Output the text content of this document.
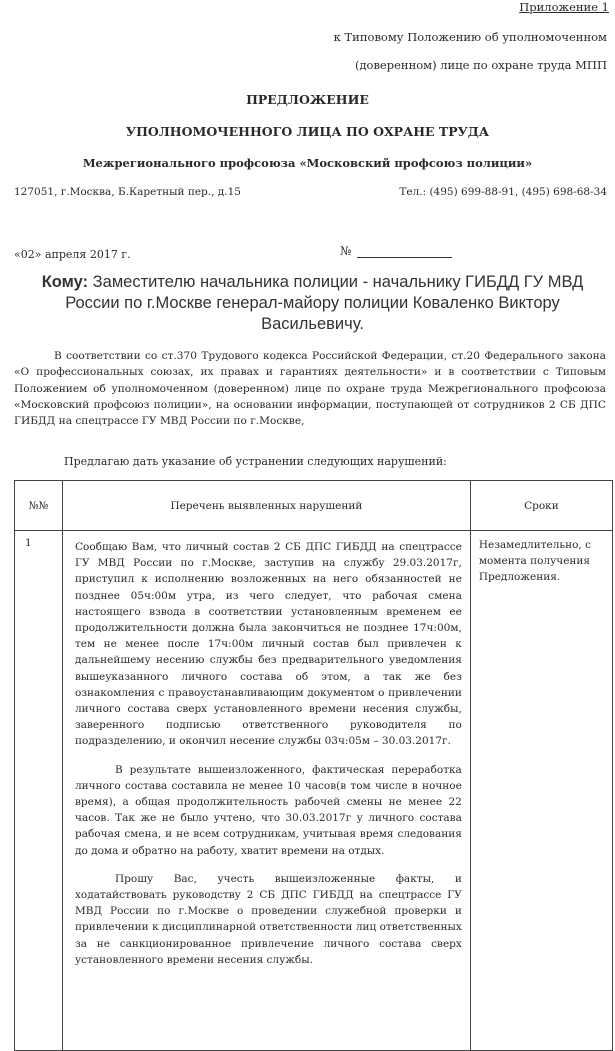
Приложение 1
к Типовому Положению об уполномоченном
(доверенном) лице по охране труда МПП
ПРЕДЛОЖЕНИЕ
УПОЛНОМОЧЕННОГО ЛИЦА ПО ОХРАНЕ ТРУДА
Межрегионального профсоюза «Московский профсоюз полиции»
127051, г.Москва, Б.Каретный пер., д.15	Тел.: (495) 699-88-91, (495) 698-68-34
«02» апреля 2017 г.	№
Кому: Заместителю начальника полиции - начальнику ГИБДД ГУ МВД России по г.Москве генерал-майору полиции Коваленко Виктору Васильевичу.
В соответствии со ст.370 Трудового кодекса Российской Федерации, ст.20 Федерального закона «О профессиональных союзах, их правах и гарантиях деятельности» и в соответствии с Типовым Положением об уполномоченном (доверенном) лице по охране труда Межрегионального профсоюза «Московский профсоюз полиции», на основании информации, поступающей от сотрудников 2 СБ ДПС ГИБДД на спецтрассе ГУ МВД России по г.Москве,
Предлагаю дать указание об устранении следующих нарушений:
№№	Перечень выявленных нарушений	Сроки
1	Сообщаю Вам, что личный состав 2 СБ ДПС ГИБДД на спецтрассе ГУ МВД России по г.Москве, заступив на службу 29.03.2017г, приступил к исполнению возложенных на него обязанностей не позднее 05ч:00м утра, из чего следует, что рабочая смена настоящего взвода в соответствии установленным временем ее продолжительности должна была закончиться не позднее 17ч:00м, тем не менее после 17ч:00м личный состав был привлечен к дальнейшему несению службы без предварительного уведомления вышеуказанного личного состава об этом, а так же без ознакомления с правоустанавливающим документом о привлечении личного состава сверх установленного времени несения службы, заверенного подписью ответственного руководителя по подразделению, и окончил несение службы 03ч:05м – 30.03.2017г.

В результате вышеизложенного, фактическая переработка личного состава составила не менее 10 часов(в том числе в ночное время), а общая продолжительность рабочей смены не менее 22 часов. Так же не было учтено, что 30.03.2017г у личного состава рабочая смена, и не всем сотрудникам, учитывая время следования до дома и обратно на работу, хватит времени на отдых.

Прошу Вас, учесть вышеизложенные факты, и ходатайствовать руководству 2 СБ ДПС ГИБДД на спецтрассе ГУ МВД России по г.Москве о проведении служебной проверки и привлечении к дисциплинарной ответственности лиц ответственных за не санкционированное привлечение личного состава сверх установленного времени несения службы.	Незамедлительно, с момента получения Предложения.
